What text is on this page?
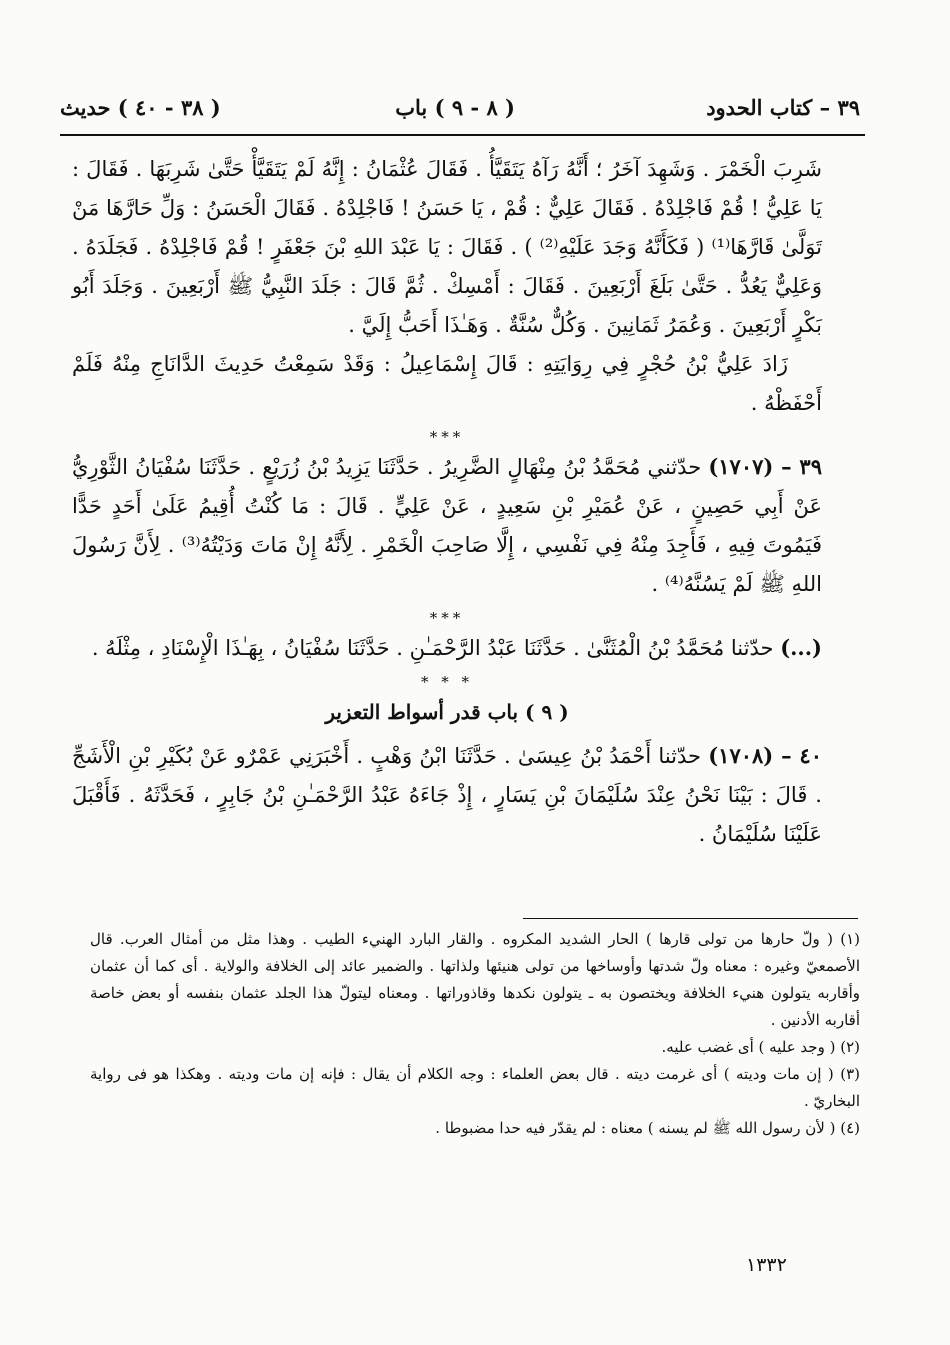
٣٩ – كتاب الحدود
( ٨ - ٩ ) باب
( ٣٨ - ٤٠ ) حديث

شَرِبَ الْخَمْرَ . وَشَهِدَ آخَرُ ؛ أَنَّهُ رَآهُ يَتَقَيَّأُ . فَقَالَ عُثْمَانُ : إِنَّهُ لَمْ يَتَقَيَّأْ حَتَّىٰ شَرِبَهَا . فَقَالَ : يَا عَلِيُّ ! قُمْ فَاجْلِدْهُ . فَقَالَ عَلِيٌّ : قُمْ ، يَا حَسَنُ ! فَاجْلِدْهُ . فَقَالَ الْحَسَنُ : وَلِّ حَارَّهَا مَنْ تَوَلَّىٰ قَارَّهَا⁽¹⁾ ( فَكَأَنَّهُ وَجَدَ عَلَيْهِ⁽²⁾ ) . فَقَالَ : يَا عَبْدَ اللهِ بْنَ جَعْفَرٍ ! قُمْ فَاجْلِدْهُ . فَجَلَدَهُ . وَعَلِيٌّ يَعُدُّ . حَتَّىٰ بَلَغَ أَرْبَعِينَ . فَقَالَ : أَمْسِكْ . ثُمَّ قَالَ : جَلَدَ النَّبِيُّ ﷺ أَرْبَعِينَ . وَجَلَدَ أَبُو بَكْرٍ أَرْبَعِينَ . وَعُمَرُ ثَمَانِينَ . وَكُلٌّ سُنَّةٌ . وَهَـٰذَا أَحَبُّ إِلَيَّ .

زَادَ عَلِيُّ بْنُ حُجْرٍ فِي رِوَايَتِهِ : قَالَ إِسْمَاعِيلُ : وَقَدْ سَمِعْتُ حَدِيثَ الدَّانَاجِ مِنْهُ فَلَمْ أَحْفَظْهُ .

***

٣٩ – (١٧٠٧) حدّثني مُحَمَّدُ بْنُ مِنْهَالٍ الضَّرِيرُ . حَدَّثَنَا يَزِيدُ بْنُ زُرَيْعٍ . حَدَّثَنَا سُفْيَانُ الثَّوْرِيُّ عَنْ أَبِي حَصِينٍ ، عَنْ عُمَيْرِ بْنِ سَعِيدٍ ، عَنْ عَلِيٍّ . قَالَ : مَا كُنْتُ أُقِيمُ عَلَىٰ أَحَدٍ حَدًّا فَيَمُوتَ فِيهِ ، فَأَجِدَ مِنْهُ فِي نَفْسِي ، إِلَّا صَاحِبَ الْخَمْرِ . لِأَنَّهُ إِنْ مَاتَ وَدَيْتُهُ⁽³⁾ . لِأَنَّ رَسُولَ اللهِ ﷺ لَمْ يَسُنَّهُ⁽⁴⁾ .

***

(...) حدّثنا مُحَمَّدُ بْنُ الْمُثَنَّىٰ . حَدَّثَنَا عَبْدُ الرَّحْمَـٰنِ . حَدَّثَنَا سُفْيَانُ ، بِهَـٰذَا الْإِسْنَادِ ، مِثْلَهُ .

* * *
( ٩ ) باب قدر أسواط التعزير

٤٠ – (١٧٠٨) حدّثنا أَحْمَدُ بْنُ عِيسَىٰ . حَدَّثَنَا ابْنُ وَهْبٍ . أَخْبَرَنِي عَمْرٌو عَنْ بُكَيْرِ بْنِ الْأَشَجِّ . قَالَ : بَيْنَا نَحْنُ عِنْدَ سُلَيْمَانَ بْنِ يَسَارٍ ، إِذْ جَاءَهُ عَبْدُ الرَّحْمَـٰنِ بْنُ جَابِرٍ ، فَحَدَّثَهُ . فَأَقْبَلَ عَلَيْنَا سُلَيْمَانُ .

(١) ( ولّ حارها من تولى قارها ) الحار الشديد المكروه . والقار البارد الهنيء الطيب . وهذا مثل من أمثال العرب. قال الأصمعيّ وغيره : معناه ولّ شدتها وأوساخها من تولى هنيئها ولذاتها . والضمير عائد إلى الخلافة والولاية . أى كما أن عثمان وأقاربه يتولون هنيء الخلافة ويختصون به ـ يتولون نكدها وقاذوراتها . ومعناه ليتولّ هذا الجلد عثمان بنفسه أو بعض خاصة أقاربه الأدنين .

(٢) ( وجد عليه ) أى غضب عليه.

(٣) ( إن مات وديته ) أى غرمت ديته . قال بعض العلماء : وجه الكلام أن يقال : فإنه إن مات وديته . وهكذا هو فى رواية البخاريّ .

(٤) ( لأن رسول الله ﷺ لم يسنه ) معناه : لم يقدّر فيه حدا مضبوطا .

١٣٣٢
